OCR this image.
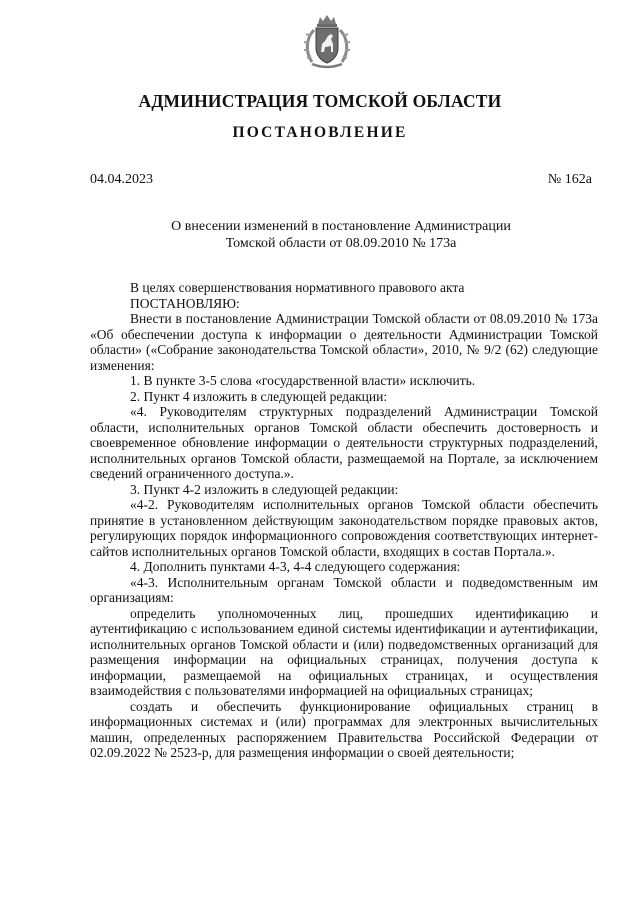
АДМИНИСТРАЦИЯ ТОМСКОЙ ОБЛАСТИ
ПОСТАНОВЛЕНИЕ
04.04.2023	№ 162а
О внесении изменений в постановление Администрации
Томской области от 08.09.2010 № 173а

В целях совершенствования нормативного правового акта

ПОСТАНОВЛЯЮ:

Внести в постановление Администрации Томской области от 08.09.2010 № 173а «Об обеспечении доступа к информации о деятельности Администрации Томской области» («Собрание законодательства Томской области», 2010, № 9/2 (62) следующие изменения:

1. В пункте 3-5 слова «государственной власти» исключить.

2. Пункт 4 изложить в следующей редакции:

«4. Руководителям структурных подразделений Администрации Томской области, исполнительных органов Томской области обеспечить достоверность и своевременное обновление информации о деятельности структурных подразделений, исполнительных органов Томской области, размещаемой на Портале, за исключением сведений ограниченного доступа.».

3. Пункт 4-2 изложить в следующей редакции:

«4-2. Руководителям исполнительных органов Томской области обеспечить принятие в установленном действующим законодательством порядке правовых актов, регулирующих порядок информационного сопровождения соответствующих интернет-сайтов исполнительных органов Томской области, входящих в состав Портала.».

4. Дополнить пунктами 4-3, 4-4 следующего содержания:

«4-3. Исполнительным органам Томской области и подведомственным им организациям:

определить уполномоченных лиц, прошедших идентификацию и аутентификацию с использованием единой системы идентификации и аутентификации, исполнительных органов Томской области и (или) подведомственных организаций для размещения информации на официальных страницах, получения доступа к информации, размещаемой на официальных страницах, и осуществления взаимодействия с пользователями информацией на официальных страницах;

создать и обеспечить функционирование официальных страниц в информационных системах и (или) программах для электронных вычислительных машин, определенных распоряжением Правительства Российской Федерации от 02.09.2022 № 2523-р, для размещения информации о своей деятельности;
